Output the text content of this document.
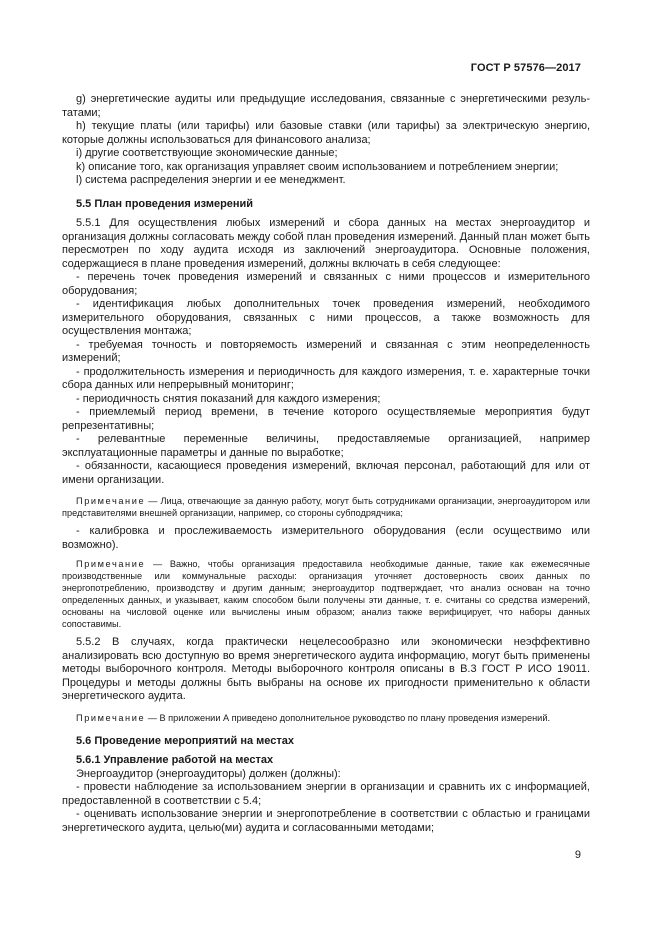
ГОСТ Р 57576—2017

g) энергетические аудиты или предыдущие исследования, связанные с энергетическими резуль-татами;

h) текущие платы (или тарифы) или базовые ставки (или тарифы) за электрическую энергию, которые должны использоваться для финансового анализа;

i) другие соответствующие экономические данные;

k) описание того, как организация управляет своим использованием и потреблением энергии;

l) система распределения энергии и ее менеджмент.

5.5 План проведения измерений

5.5.1 Для осуществления любых измерений и сбора данных на местах энергоаудитор и организация должны согласовать между собой план проведения измерений. Данный план может быть пересмотрен по ходу аудита исходя из заключений энергоаудитора. Основные положения, содержащиеся в плане проведения измерений, должны включать в себя следующее:

- перечень точек проведения измерений и связанных с ними процессов и измерительного оборудования;

- идентификация любых дополнительных точек проведения измерений, необходимого измерительного оборудования, связанных с ними процессов, а также возможность для осуществления монтажа;

- требуемая точность и повторяемость измерений и связанная с этим неопределенность измерений;

- продолжительность измерения и периодичность для каждого измерения, т. е. характерные точки сбора данных или непрерывный мониторинг;

- периодичность снятия показаний для каждого измерения;

- приемлемый период времени, в течение которого осуществляемые мероприятия будут репрезентативны;

- релевантные переменные величины, предоставляемые организацией, например эксплуатационные параметры и данные по выработке;

- обязанности, касающиеся проведения измерений, включая персонал, работающий для или от имени организации.

Примечание — Лица, отвечающие за данную работу, могут быть сотрудниками организации, энергоаудитором или представителями внешней организации, например, со стороны субподрядчика;

- калибровка и прослеживаемость измерительного оборудования (если осуществимо или возможно).

Примечание — Важно, чтобы организация предоставила необходимые данные, такие как ежемесячные производственные или коммунальные расходы: организация уточняет достоверность своих данных по энергопотреблению, производству и другим данным; энергоаудитор подтверждает, что анализ основан на точно определенных данных, и указывает, каким способом были получены эти данные, т. е. считаны со средства измерений, основаны на числовой оценке или вычислены иным образом; анализ также верифицирует, что наборы данных сопоставимы.

5.5.2 В случаях, когда практически нецелесообразно или экономически неэффективно анализировать всю доступную во время энергетического аудита информацию, могут быть применены методы выборочного контроля. Методы выборочного контроля описаны в В.3 ГОСТ Р ИСО 19011. Процедуры и методы должны быть выбраны на основе их пригодности применительно к области энергетического аудита.

Примечание — В приложении А приведено дополнительное руководство по плану проведения измерений.

5.6 Проведение мероприятий на местах

5.6.1 Управление работой на местах

Энергоаудитор (энергоаудиторы) должен (должны):

- провести наблюдение за использованием энергии в организации и сравнить их с информацией, предоставленной в соответствии с 5.4;

- оценивать использование энергии и энергопотребление в соответствии с областью и границами энергетического аудита, целью(ми) аудита и согласованными методами;

9
